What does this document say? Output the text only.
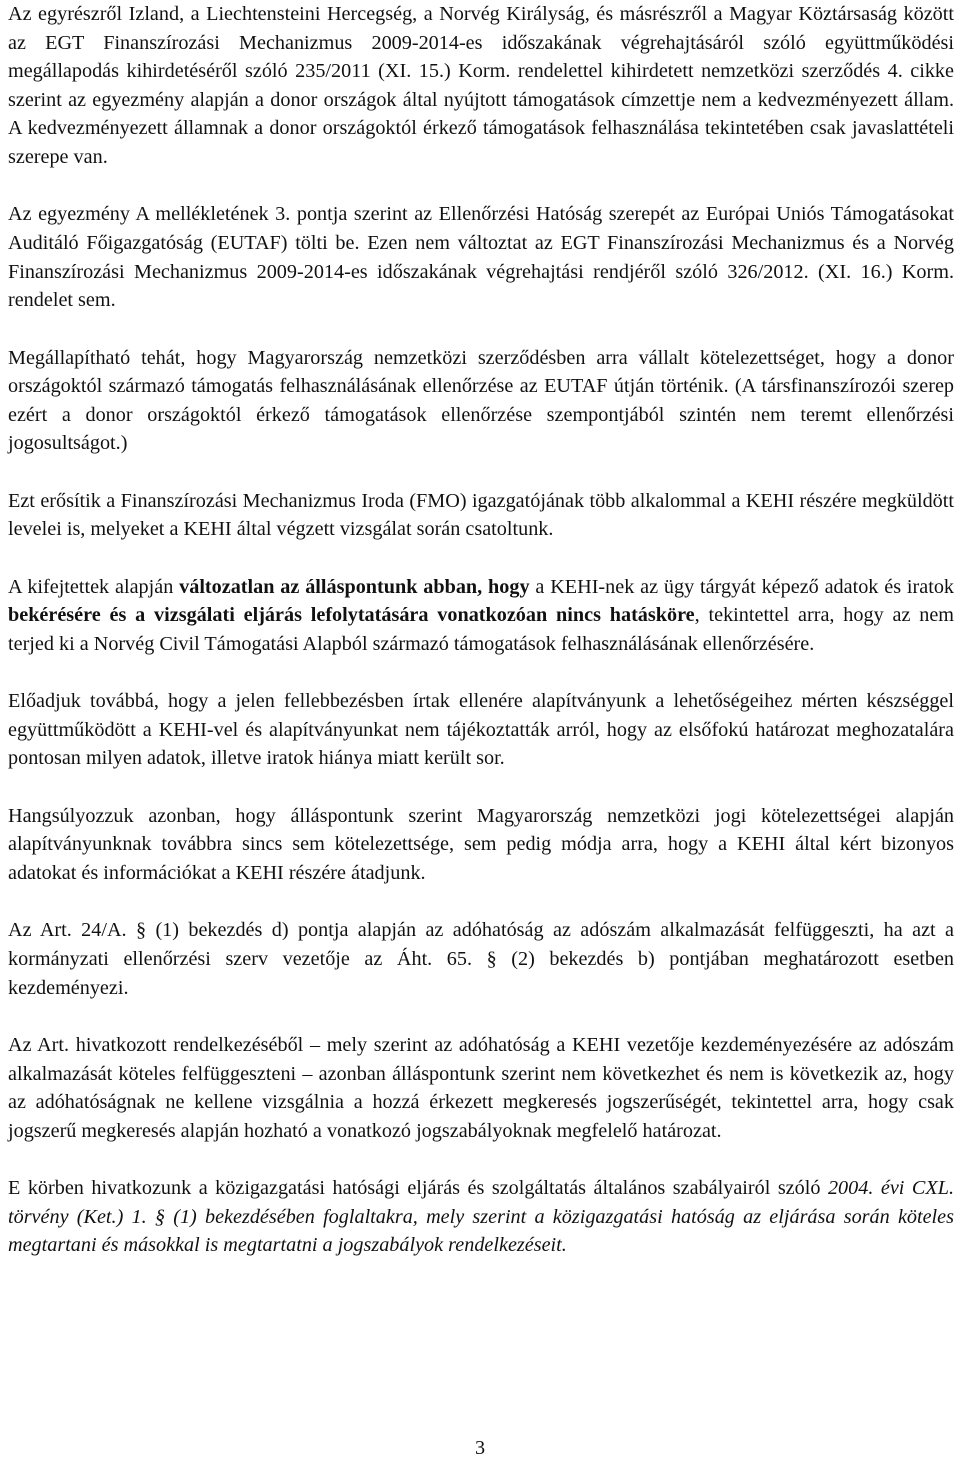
Az egyrészről Izland, a Liechtensteini Hercegség, a Norvég Királyság, és másrészről a Magyar Köztársaság között az EGT Finanszírozási Mechanizmus 2009-2014-es időszakának végrehajtásáról szóló együttműködési megállapodás kihirdetéséről szóló 235/2011 (XI. 15.) Korm. rendelettel kihirdetett nemzetközi szerződés 4. cikke szerint az egyezmény alapján a donor országok által nyújtott támogatások címzettje nem a kedvezményezett állam. A kedvezményezett államnak a donor országoktól érkező támogatások felhasználása tekintetében csak javaslattételi szerepe van.

Az egyezmény A mellékletének 3. pontja szerint az Ellenőrzési Hatóság szerepét az Európai Uniós Támogatásokat Auditáló Főigazgatóság (EUTAF) tölti be. Ezen nem változtat az EGT Finanszírozási Mechanizmus és a Norvég Finanszírozási Mechanizmus 2009-2014-es időszakának végrehajtási rendjéről szóló 326/2012. (XI. 16.) Korm. rendelet sem.

Megállapítható tehát, hogy Magyarország nemzetközi szerződésben arra vállalt kötelezettséget, hogy a donor országoktól származó támogatás felhasználásának ellenőrzése az EUTAF útján történik. (A társfinanszírozói szerep ezért a donor országoktól érkező támogatások ellenőrzése szempontjából szintén nem teremt ellenőrzési jogosultságot.)

Ezt erősítik a Finanszírozási Mechanizmus Iroda (FMO) igazgatójának több alkalommal a KEHI részére megküldött levelei is, melyeket a KEHI által végzett vizsgálat során csatoltunk.

A kifejtettek alapján változatlan az álláspontunk abban, hogy a KEHI-nek az ügy tárgyát képező adatok és iratok bekérésére és a vizsgálati eljárás lefolytatására vonatkozóan nincs hatásköre, tekintettel arra, hogy az nem terjed ki a Norvég Civil Támogatási Alapból származó támogatások felhasználásának ellenőrzésére.

Előadjuk továbbá, hogy a jelen fellebbezésben írtak ellenére alapítványunk a lehetőségeihez mérten készséggel együttműködött a KEHI-vel és alapítványunkat nem tájékoztatták arról, hogy az elsőfokú határozat meghozatalára pontosan milyen adatok, illetve iratok hiánya miatt került sor.

Hangsúlyozzuk azonban, hogy álláspontunk szerint Magyarország nemzetközi jogi kötelezettségei alapján alapítványunknak továbbra sincs sem kötelezettsége, sem pedig módja arra, hogy a KEHI által kért bizonyos adatokat és információkat a KEHI részére átadjunk.

Az Art. 24/A. § (1) bekezdés d) pontja alapján az adóhatóság az adószám alkalmazását felfüggeszti, ha azt a kormányzati ellenőrzési szerv vezetője az Áht. 65. § (2) bekezdés b) pontjában meghatározott esetben kezdeményezi.

Az Art. hivatkozott rendelkezéséből – mely szerint az adóhatóság a KEHI vezetője kezdeményezésére az adószám alkalmazását köteles felfüggeszteni – azonban álláspontunk szerint nem következhet és nem is következik az, hogy az adóhatóságnak ne kellene vizsgálnia a hozzá érkezett megkeresés jogszerűségét, tekintettel arra, hogy csak jogszerű megkeresés alapján hozható a vonatkozó jogszabályoknak megfelelő határozat.

E körben hivatkozunk a közigazgatási hatósági eljárás és szolgáltatás általános szabályairól szóló 2004. évi CXL. törvény (Ket.) 1. § (1) bekezdésében foglaltakra, mely szerint a közigazgatási hatóság az eljárása során köteles megtartani és másokkal is megtartatni a jogszabályok rendelkezéseit.

3
